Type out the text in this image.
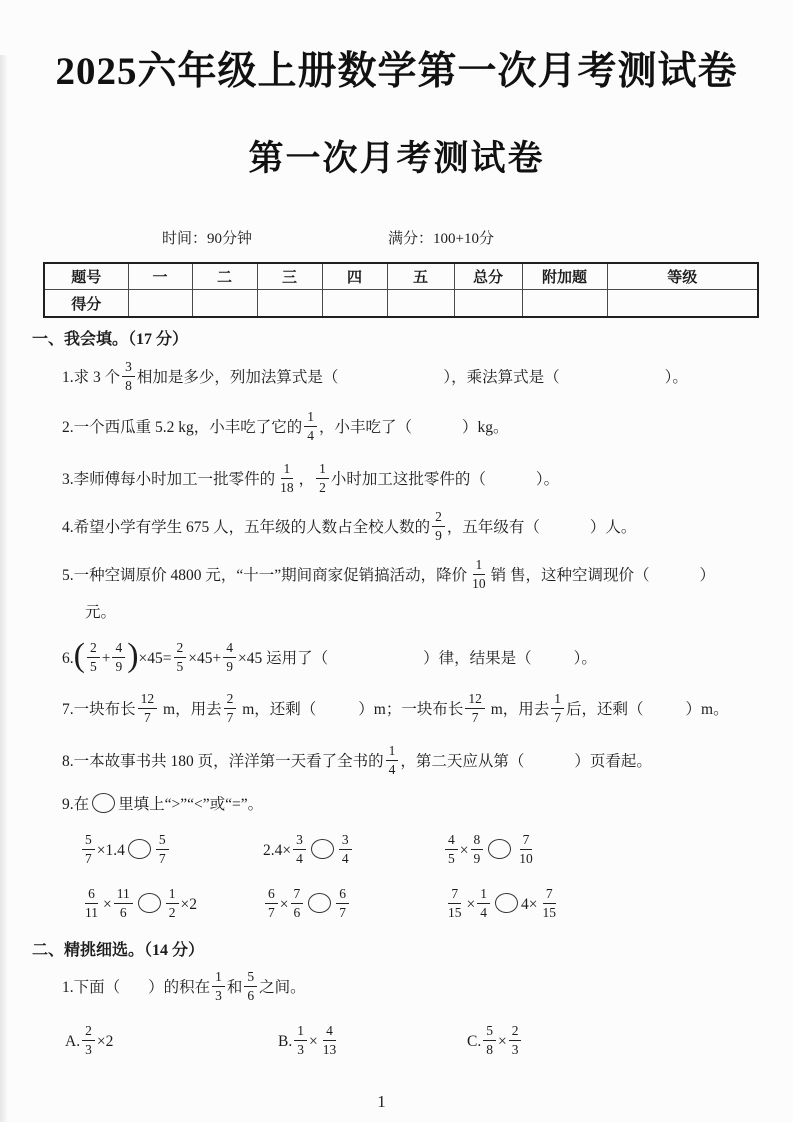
2025六年级上册数学第一次月考测试卷
第一次月考测试卷
时间：90分钟	满分：100+10分
题号	一	二	三	四	五	总分	附加题	等级
得分								
一、我会填。（17 分）
1.求 3 个 $\frac{3}{8}$ 相加是多少，列加法算式是（	），乘法算式是（	）。
2.一个西瓜重 5.2 kg，小丰吃了它的 $\frac{1}{4}$ ，小丰吃了（	）kg。
3.李师傅每小时加工一批零件的 $\frac{1}{18}$ ， $\frac{1}{2}$ 小时加工这批零件的（	）。
4.希望小学有学生 675 人，五年级的人数占全校人数的 $\frac{2}{9}$ ，五年级有（	）人。
5.一种空调原价 4800 元，“十一”期间商家促销搞活动，降价 $\frac{1}{10}$ 销 售，这种空调现价（	）
元。
$6.( \frac{2}{5} + \frac{4}{9} )\times 45= \frac{2}{5} \times 45+ \frac{4}{9} \times 45$ 运用了（	）律，结果是（	）。
7.一块布长 $\frac{12}{7}$ m，用去 $\frac{2}{7}$ m，还剩（	）m；一块布长 $\frac{12}{7}$ m，用去 $\frac{1}{7}$ 后，还剩（	）m。
8.一本故事书共 180 页，洋洋第一天看了全书的 $\frac{1}{4}$ ，第二天应从第（	）页看起。
9.在 里填上“>”“<”或“=”。
$\frac{5}{7} \times 1.4 \frac{5}{7}$	$2.4\times \frac{3}{4} \frac{3}{4}$	$\frac{4}{5} \times \frac{8}{9} \frac{7}{10}$
$\frac{6}{11} \times \frac{11}{6} \frac{1}{2} \times 2$	$\frac{6}{7} \times \frac{7}{6} \frac{6}{7}$	$\frac{7}{15} \times \frac{1}{4} 4\times \frac{7}{15}$
二、精挑细选。（14 分）
1.下面（ ）的积在 $\frac{1}{3}$ 和 $\frac{5}{6}$ 之间。
A. $\frac{2}{3} \times 2$	B. $\frac{1}{3} \times \frac{4}{13}$	C. $\frac{5}{8} \times \frac{2}{3}$
1
